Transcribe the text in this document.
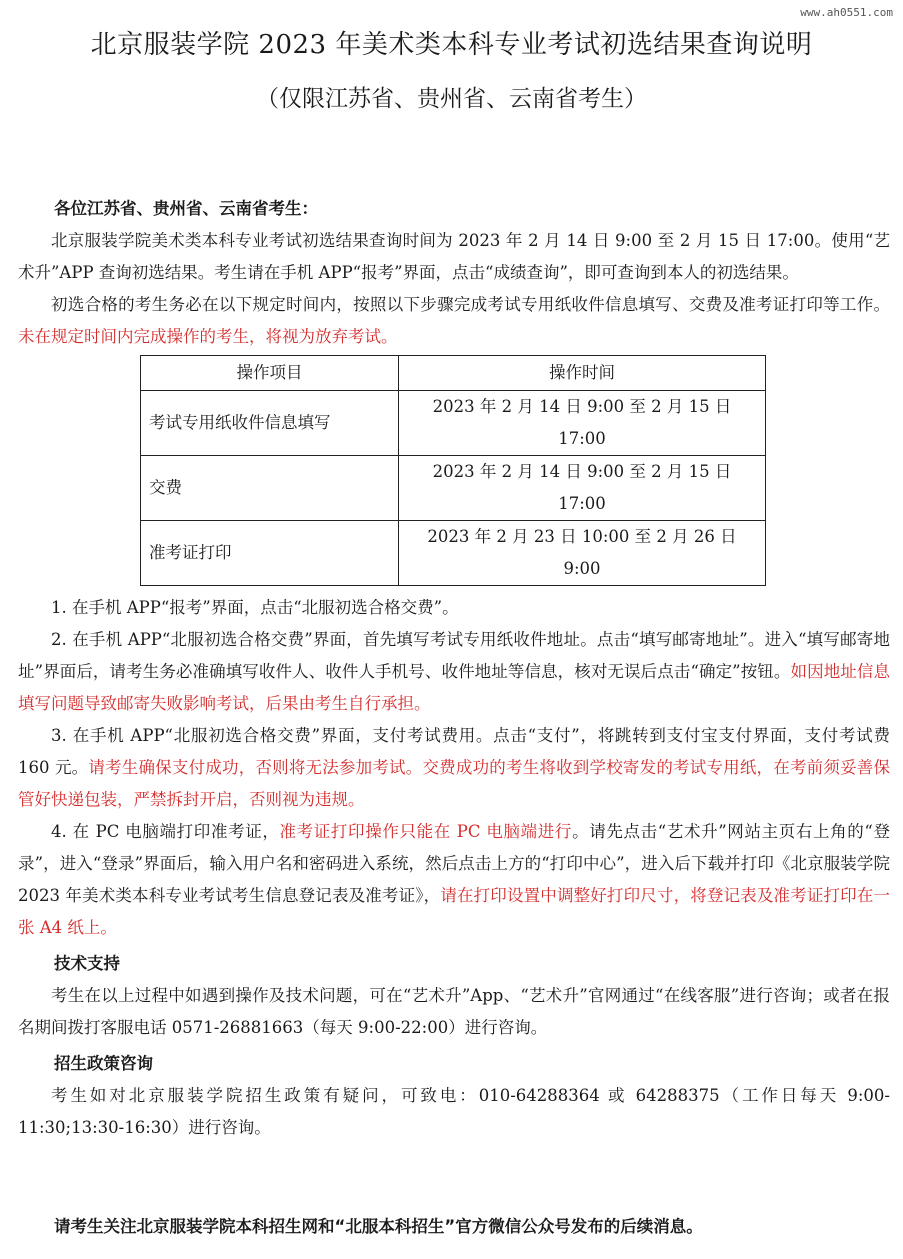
www.ah0551.com
北京服装学院 2023 年美术类本科专业考试初选结果查询说明
（仅限江苏省、贵州省、云南省考生）

各位江苏省、贵州省、云南省考生：

北京服装学院美术类本科专业考试初选结果查询时间为 2023 年 2 月 14 日 9:00 至 2 月 15 日 17:00。使用“艺术升”APP 查询初选结果。考生请在手机 APP“报考”界面，点击“成绩查询”，即可查询到本人的初选结果。

初选合格的考生务必在以下规定时间内，按照以下步骤完成考试专用纸收件信息填写、交费及准考证打印等工作。未在规定时间内完成操作的考生，将视为放弃考试。

操作项目	操作时间
考试专用纸收件信息填写	2023 年 2 月 14 日 9:00 至 2 月 15 日 17:00
交费	2023 年 2 月 14 日 9:00 至 2 月 15 日 17:00
准考证打印	2023 年 2 月 23 日 10:00 至 2 月 26 日 9:00

1. 在手机 APP“报考”界面，点击“北服初选合格交费”。

2. 在手机 APP“北服初选合格交费”界面，首先填写考试专用纸收件地址。点击“填写邮寄地址”。进入“填写邮寄地址”界面后，请考生务必准确填写收件人、收件人手机号、收件地址等信息，核对无误后点击“确定”按钮。如因地址信息填写问题导致邮寄失败影响考试，后果由考生自行承担。

3. 在手机 APP“北服初选合格交费”界面，支付考试费用。点击“支付”，将跳转到支付宝支付界面，支付考试费 160 元。请考生确保支付成功，否则将无法参加考试。交费成功的考生将收到学校寄发的考试专用纸，在考前须妥善保管好快递包装，严禁拆封开启，否则视为违规。

4. 在 PC 电脑端打印准考证，准考证打印操作只能在 PC 电脑端进行。请先点击“艺术升”网站主页右上角的“登录”，进入“登录”界面后，输入用户名和密码进入系统，然后点击上方的“打印中心”，进入后下载并打印《北京服装学院 2023 年美术类本科专业考试考生信息登记表及准考证》，请在打印设置中调整好打印尺寸，将登记表及准考证打印在一张 A4 纸上。

技术支持

考生在以上过程中如遇到操作及技术问题，可在“艺术升”App、“艺术升”官网通过“在线客服”进行咨询；或者在报名期间拨打客服电话 0571-26881663（每天 9:00-22:00）进行咨询。

招生政策咨询

考生如对北京服装学院招生政策有疑问，可致电：010-64288364 或 64288375（工作日每天 9:00-11:30;13:30-16:30）进行咨询。

请考生关注北京服装学院本科招生网和“北服本科招生”官方微信公众号发布的后续消息。
